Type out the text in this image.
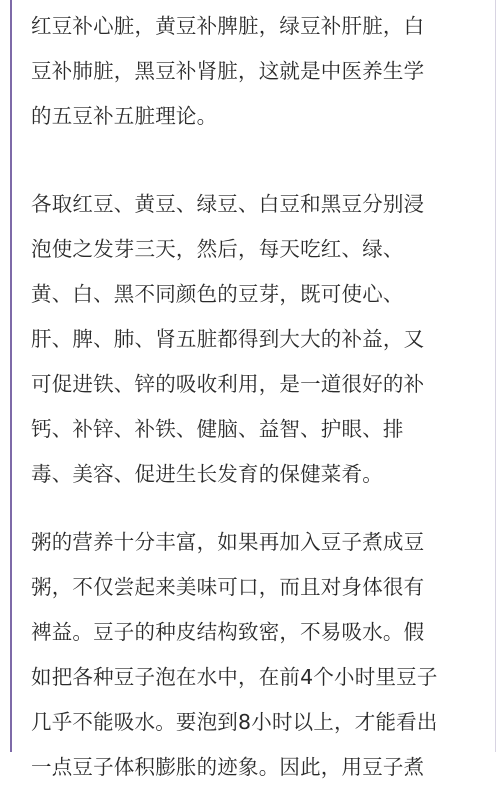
红豆补心脏，黄豆补脾脏，绿豆补肝脏，白
豆补肺脏，黑豆补肾脏，这就是中医养生学
的五豆补五脏理论。

各取红豆、黄豆、绿豆、白豆和黑豆分别浸
泡使之发芽三天，然后，每天吃红、绿、
黄、白、黑不同颜色的豆芽，既可使心、
肝、脾、肺、肾五脏都得到大大的补益，又
可促进铁、锌的吸收利用，是一道很好的补
钙、补锌、补铁、健脑、益智、护眼、排
毒、美容、促进生长发育的保健菜肴。

粥的营养十分丰富，如果再加入豆子煮成豆
粥，不仅尝起来美味可口，而且对身体很有
裨益。豆子的种皮结构致密，不易吸水。假
如把各种豆子泡在水中，在前4个小时里豆子
几乎不能吸水。要泡到8小时以上，才能看出
一点豆子体积膨胀的迹象。因此，用豆子煮
